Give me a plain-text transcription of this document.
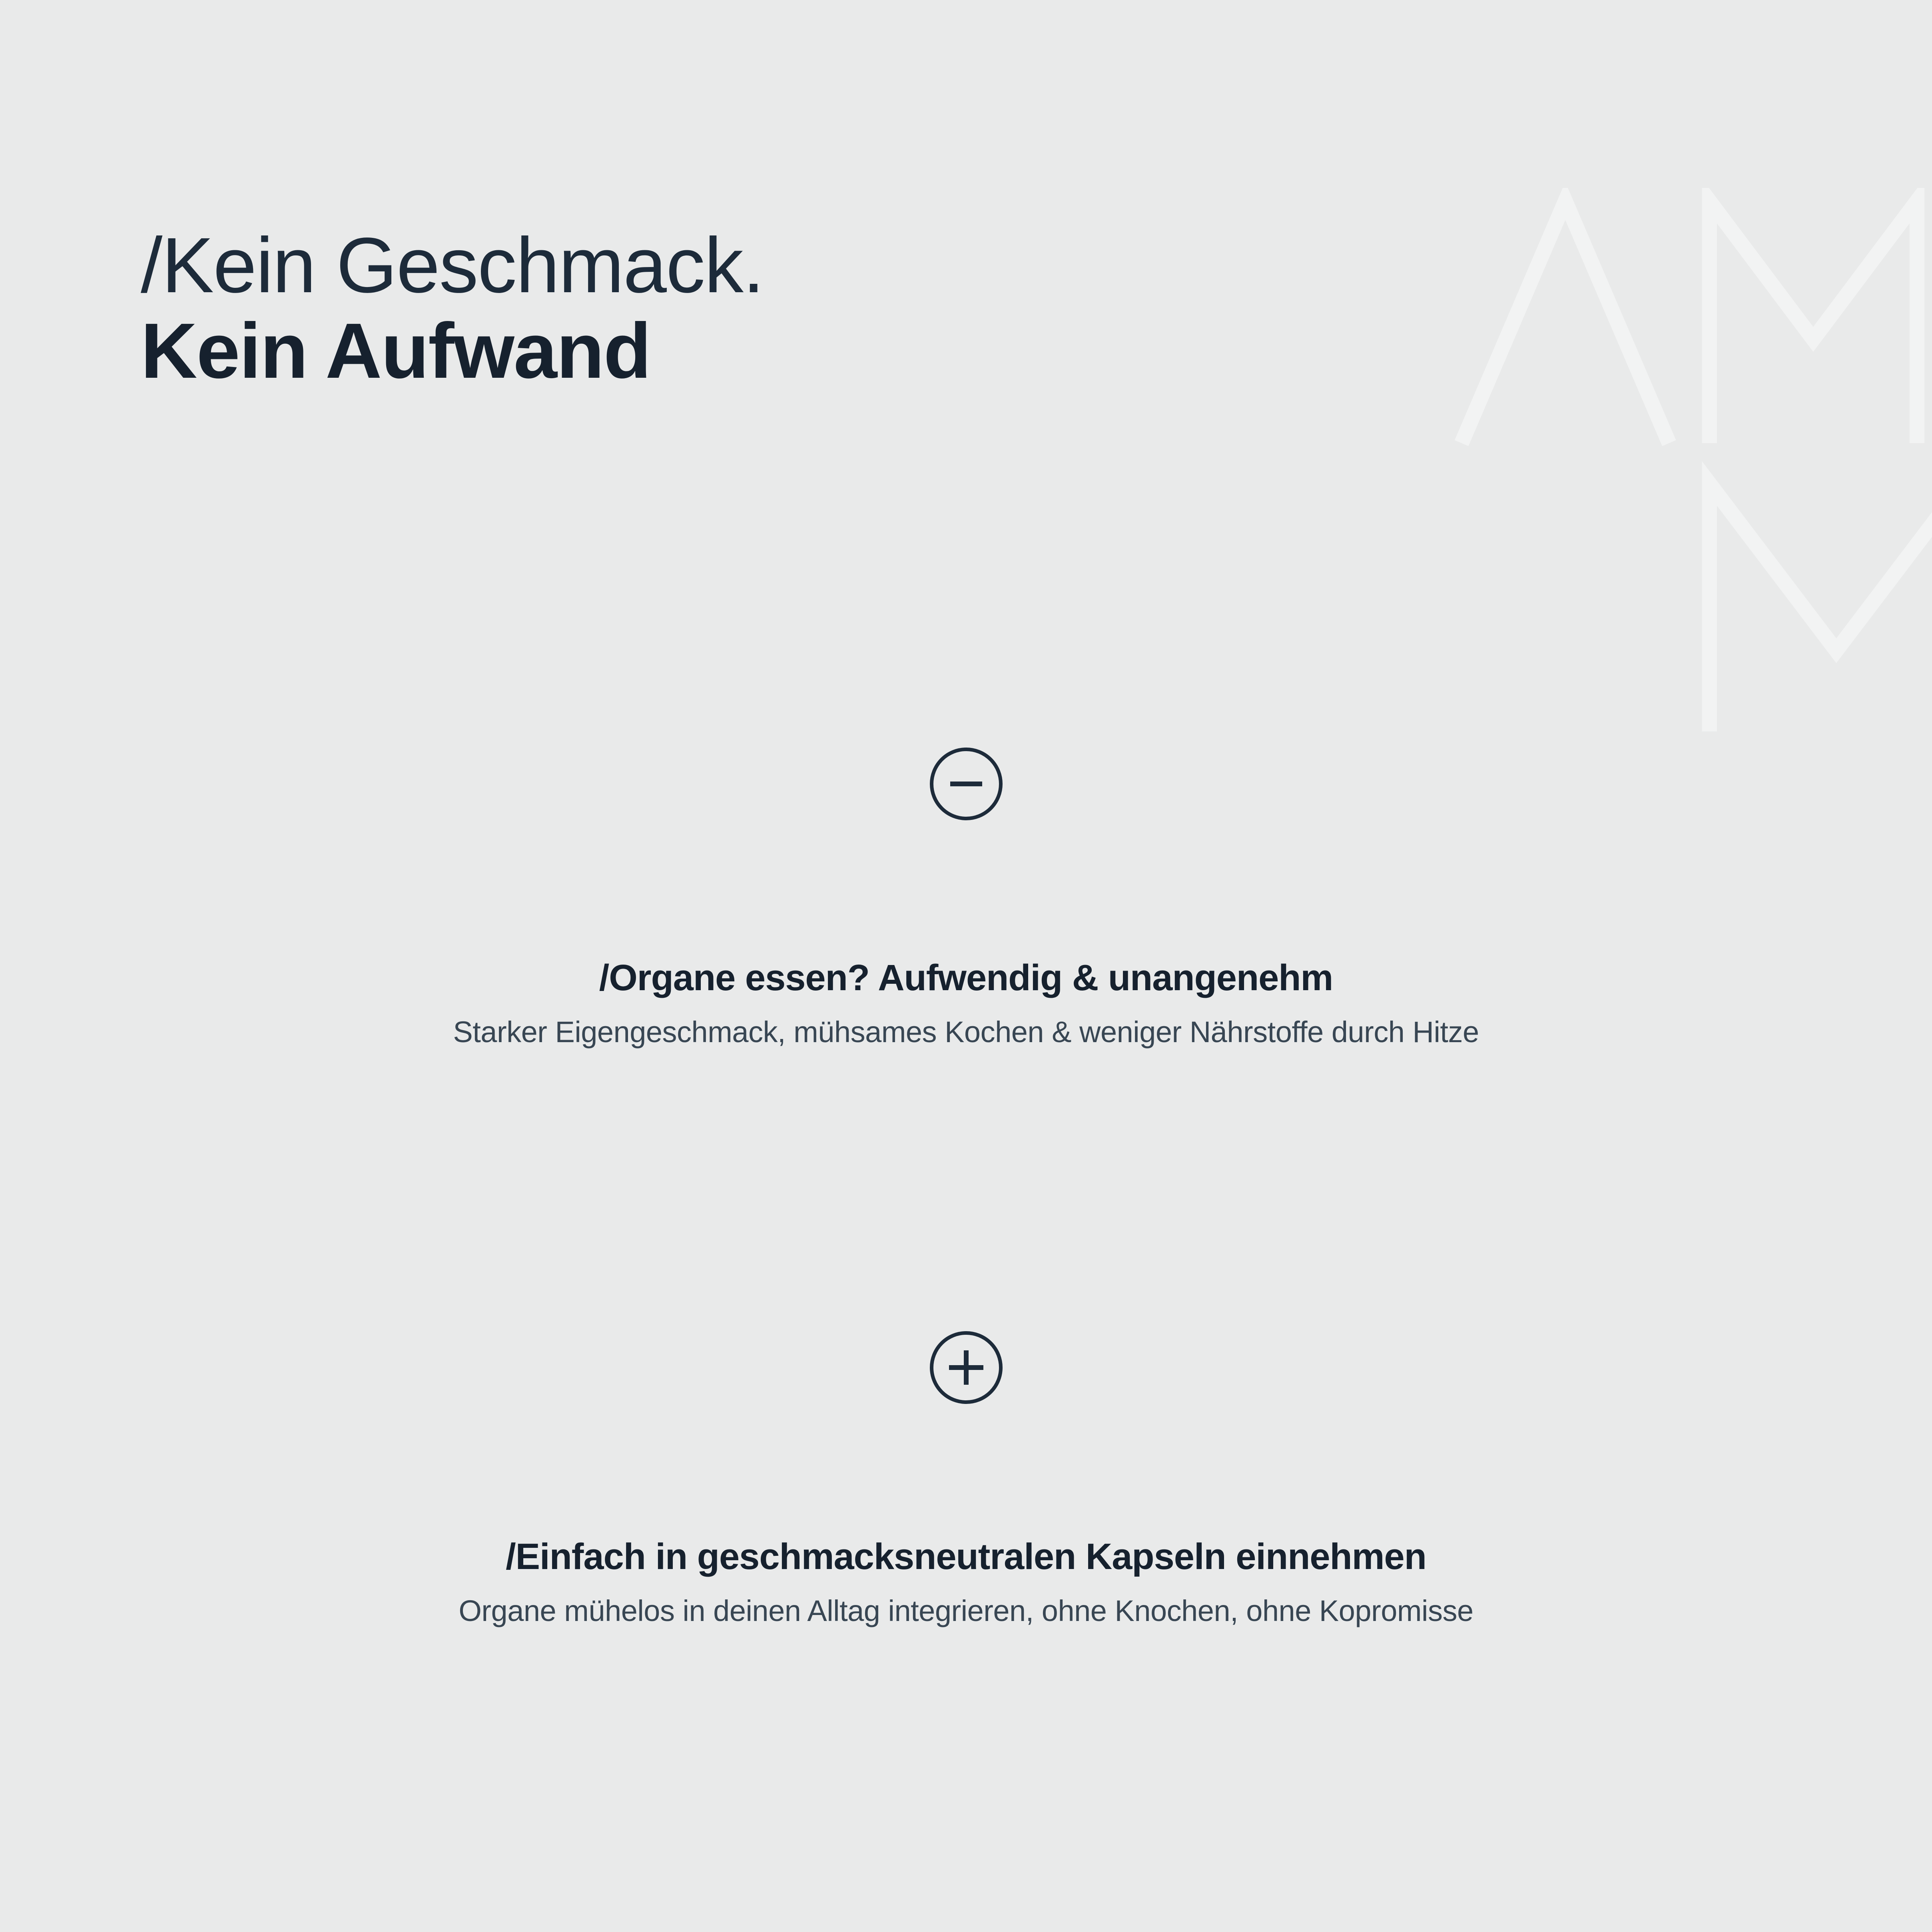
/Kein Geschmack.

Kein Aufwand

/Organe essen? Aufwendig & unangenehm

Starker Eigengeschmack, mühsames Kochen & weniger Nährstoffe durch Hitze

/Einfach in geschmacksneutralen Kapseln einnehmen

Organe mühelos in deinen Alltag integrieren, ohne Knochen, ohne Kopromisse
